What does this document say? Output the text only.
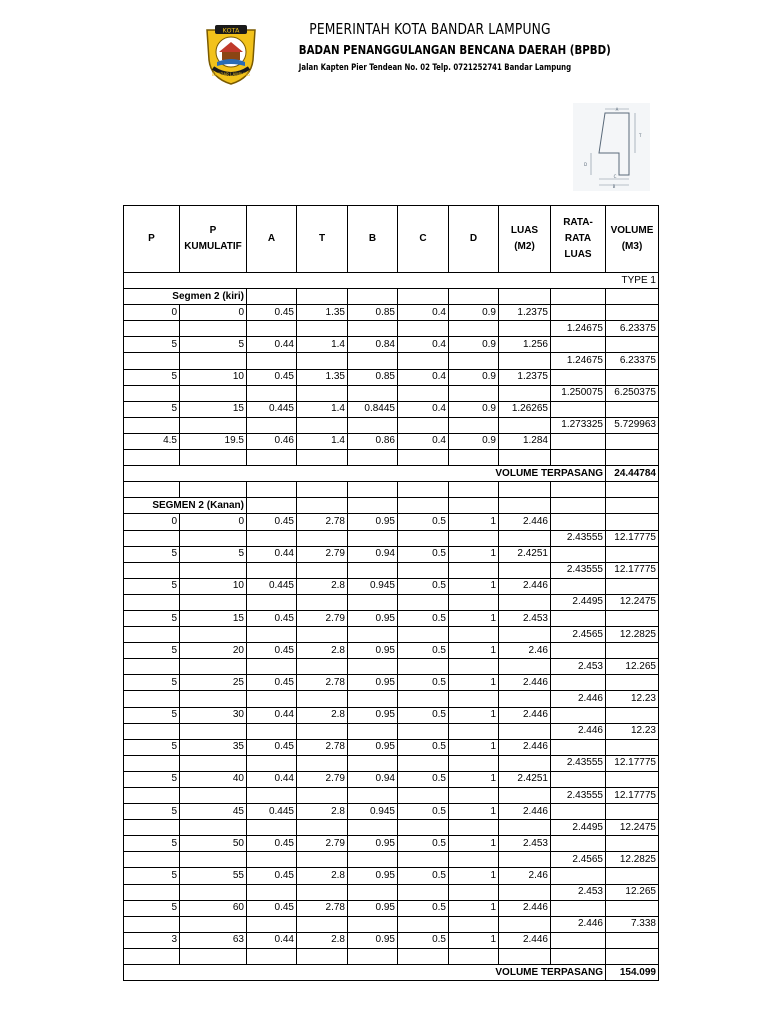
KOTA
BANDAR LAMPUNG
PEMERINTAH KOTA BANDAR LAMPUNG
BADAN PENANGGULANGAN BENCANA DAERAH (BPBD)
Jalan Kapten Pier Tendean No. 02 Telp. 0721252741 Bandar Lampung
A
T
D
C
B
P	P KUMULATIF	A	T	B	C	D	LUAS (M2)	RATA-RATA LUAS	VOLUME (M3)
TYPE 1									
Segmen 2 (kiri)									
0	0	0.45	1.35	0.85	0.4	0.9	1.2375		
								1.24675	6.23375
5	5	0.44	1.4	0.84	0.4	0.9	1.256		
								1.24675	6.23375
5	10	0.45	1.35	0.85	0.4	0.9	1.2375		
								1.250075	6.250375
5	15	0.445	1.4	0.8445	0.4	0.9	1.26265		
								1.273325	5.729963
4.5	19.5	0.46	1.4	0.86	0.4	0.9	1.284		

VOLUME TERPASANG									24.44784

SEGMEN 2 (Kanan)									
0	0	0.45	2.78	0.95	0.5	1	2.446		
								2.43555	12.17775
5	5	0.44	2.79	0.94	0.5	1	2.4251		
								2.43555	12.17775
5	10	0.445	2.8	0.945	0.5	1	2.446		
								2.4495	12.2475
5	15	0.45	2.79	0.95	0.5	1	2.453		
								2.4565	12.2825
5	20	0.45	2.8	0.95	0.5	1	2.46		
								2.453	12.265
5	25	0.45	2.78	0.95	0.5	1	2.446		
								2.446	12.23
5	30	0.44	2.8	0.95	0.5	1	2.446		
								2.446	12.23
5	35	0.45	2.78	0.95	0.5	1	2.446		
								2.43555	12.17775
5	40	0.44	2.79	0.94	0.5	1	2.4251		
								2.43555	12.17775
5	45	0.445	2.8	0.945	0.5	1	2.446		
								2.4495	12.2475
5	50	0.45	2.79	0.95	0.5	1	2.453		
								2.4565	12.2825
5	55	0.45	2.8	0.95	0.5	1	2.46		
								2.453	12.265
5	60	0.45	2.78	0.95	0.5	1	2.446		
								2.446	7.338
3	63	0.44	2.8	0.95	0.5	1	2.446		

VOLUME TERPASANG									154.099
